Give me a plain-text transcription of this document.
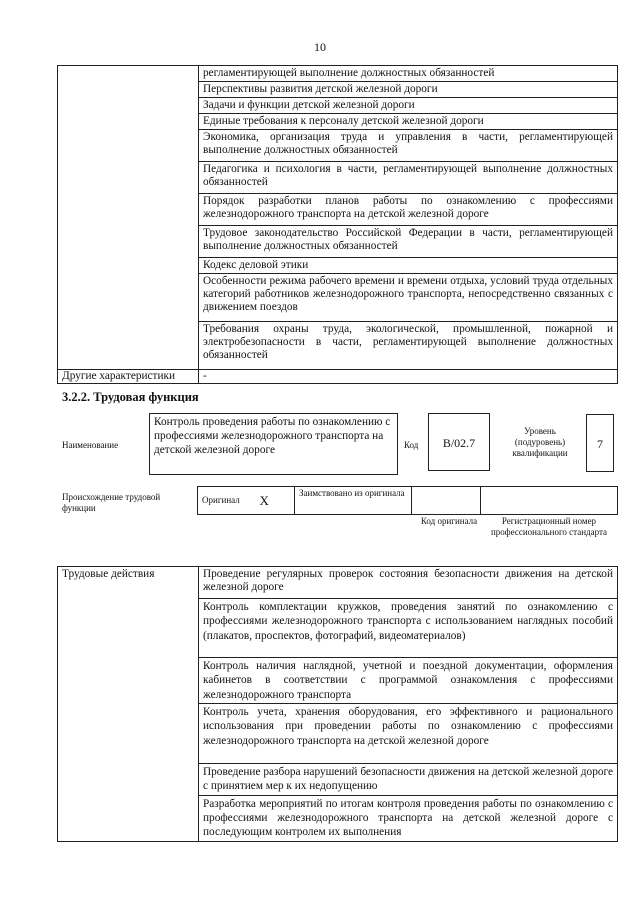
10
	регламентирующей выполнение должностных обязанностей
	Перспективы развития детской железной дороги
	Задачи и функции детской железной дороги
	Единые требования к персоналу детской железной дороги
	Экономика, организация труда и управления в части, регламентирующей выполнение должностных обязанностей
	Педагогика и психология в части, регламентирующей выполнение должностных обязанностей
	Порядок разработки планов работы по ознакомлению с профессиями железнодорожного транспорта на детской железной дороге
	Трудовое законодательство Российской Федерации в части, регламентирующей выполнение должностных обязанностей
	Кодекс деловой этики
	Особенности режима рабочего времени и времени отдыха, условий труда отдельных категорий работников железнодорожного транспорта, непосредственно связанных с движением поездов
	Требования охраны труда, экологической, промышленной, пожарной и электробезопасности в части, регламентирующей выполнение должностных обязанностей
Другие характеристики	-
3.2.2. Трудовая функция
Наименование
Контроль проведения работы по ознакомлению с профессиями железнодорожного транспорта на детской железной дороге	Код	В/02.7
Уровень (подуровень) квалификации
7
Происхождение трудовой функции
Оригинал	Х	Заимствовано из оригинала		
Код оригинала	Регистрационный номер профессионального стандарта
Трудовые действия	Проведение регулярных проверок состояния безопасности движения на детской железной дороге
Контроль комплектации кружков, проведения занятий по ознакомлению с профессиями железнодорожного транспорта с использованием наглядных пособий (плакатов, проспектов, фотографий, видеоматериалов)
Контроль наличия наглядной, учетной и поездной документации, оформления кабинетов в соответствии с программой ознакомления с профессиями железнодорожного транспорта
Контроль учета, хранения оборудования, его эффективного и рационального использования при проведении работы по ознакомлению с профессиями железнодорожного транспорта на детской железной дороге
Проведение разбора нарушений безопасности движения на детской железной дороге с принятием мер к их недопущению
Разработка мероприятий по итогам контроля проведения работы по ознакомлению с профессиями железнодорожного транспорта на детской железной дороге с последующим контролем их выполнения
